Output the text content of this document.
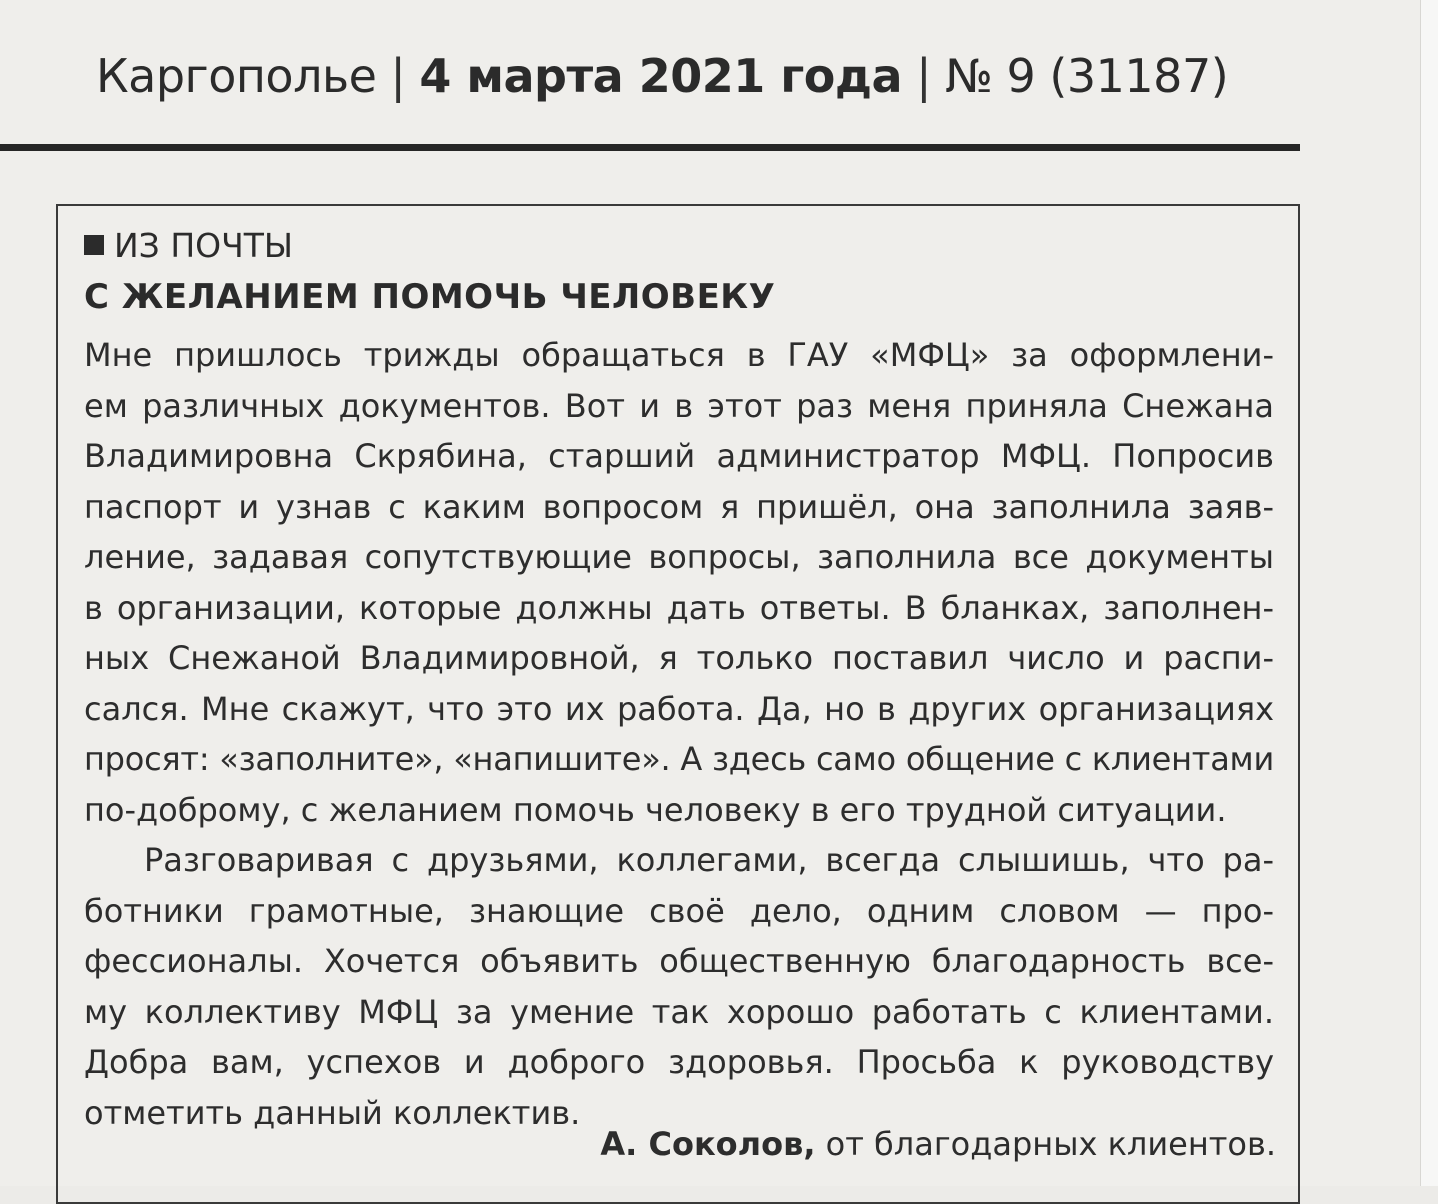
Каргополье | 4 марта 2021 года | № 9 (31187)
ИЗ ПОЧТЫ
С ЖЕЛАНИЕМ ПОМОЧЬ ЧЕЛОВЕКУ
Мне пришлось трижды обращаться в ГАУ «МФЦ» за оформлени-
ем различных документов. Вот и в этот раз меня приняла Снежана
Владимировна Скрябина, старший администратор МФЦ. Попросив
паспорт и узнав с каким вопросом я пришёл, она заполнила заяв-
ление, задавая сопутствующие вопросы, заполнила все документы
в организации, которые должны дать ответы. В бланках, заполнен-
ных Снежаной Владимировной, я только поставил число и распи-
сался. Мне скажут, что это их работа. Да, но в других организациях
просят: «заполните», «напишите». А здесь само общение с клиентами
по-доброму, с желанием помочь человеку в его трудной ситуации.
Разговаривая с друзьями, коллегами, всегда слышишь, что ра-
ботники грамотные, знающие своё дело, одним словом — про-
фессионалы. Хочется объявить общественную благодарность все-
му коллективу МФЦ за умение так хорошо работать с клиентами.
Добра вам, успехов и доброго здоровья. Просьба к руководству
отметить данный коллектив.
А. Соколов, от благодарных клиентов.
